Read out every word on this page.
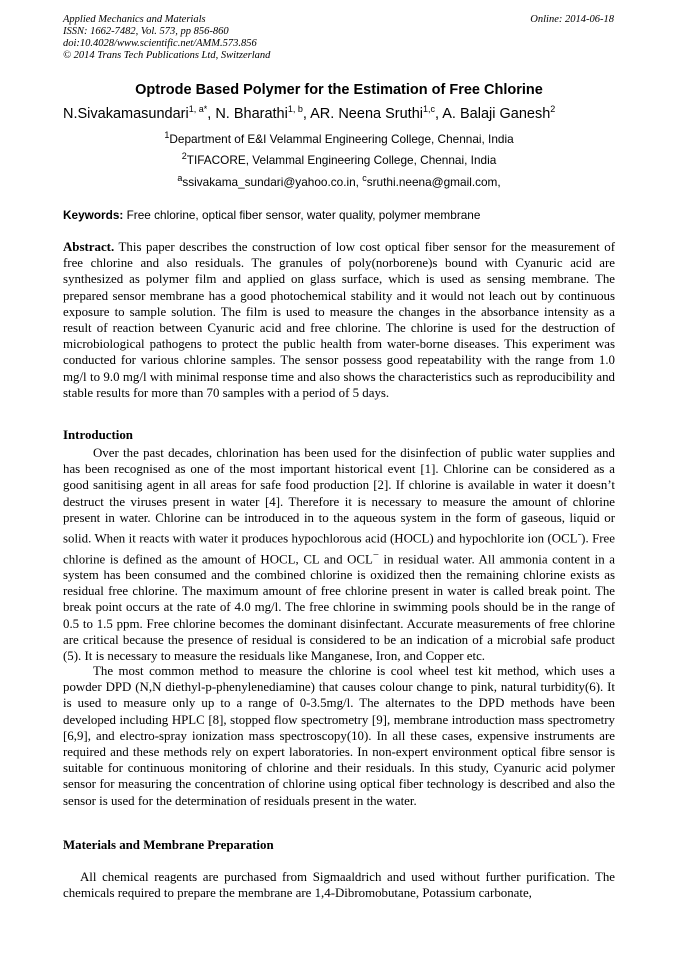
Applied Mechanics and Materials
ISSN: 1662-7482, Vol. 573, pp 856-860
doi:10.4028/www.scientific.net/AMM.573.856
© 2014 Trans Tech Publications Ltd, Switzerland
Online: 2014-06-18
Optrode Based Polymer for the Estimation of Free Chlorine
N.Sivakamasundari$^{1, a*}$, N. Bharathi$^{1, b}$, AR. Neena Sruthi$^{1,c}$, A. Balaji Ganesh$^2$
$^1$Department of E&I Velammal Engineering College, Chennai, India
$^2$TIFACORE, Velammal Engineering College, Chennai, India
$^a$ssivakama_sundari@yahoo.co.in, $^c$sruthi.neena@gmail.com,
Keywords: Free chlorine, optical fiber sensor, water quality, polymer membrane
Abstract. This paper describes the construction of low cost optical fiber sensor for the measurement of free chlorine and also residuals. The granules of poly(norborene)s bound with Cyanuric acid are synthesized as polymer film and applied on glass surface, which is used as sensing membrane. The prepared sensor membrane has a good photochemical stability and it would not leach out by continuous exposure to sample solution. The film is used to measure the changes in the absorbance intensity as a result of reaction between Cyanuric acid and free chlorine. The chlorine is used for the destruction of microbiological pathogens to protect the public health from water-borne diseases. This experiment was conducted for various chlorine samples. The sensor possess good repeatability with the range from 1.0 mg/l to 9.0 mg/l with minimal response time and also shows the characteristics such as reproducibility and stable results for more than 70 samples with a period of 5 days.
Introduction
Over the past decades, chlorination has been used for the disinfection of public water supplies and has been recognised as one of the most important historical event [1]. Chlorine can be considered as a good sanitising agent in all areas for safe food production [2]. If chlorine is available in water it doesn’t destruct the viruses present in water [4]. Therefore it is necessary to measure the amount of chlorine present in water. Chlorine can be introduced in to the aqueous system in the form of gaseous, liquid or solid. When it reacts with water it produces hypochlorous acid (HOCL) and hypochlorite ion (OCL-). Free chlorine is defined as the amount of HOCL, CL and OCL− in residual water. All ammonia content in a system has been consumed and the combined chlorine is oxidized then the remaining chlorine exists as residual free chlorine. The maximum amount of free chlorine present in water is called break point. The break point occurs at the rate of 4.0 mg/l. The free chlorine in swimming pools should be in the range of 0.5 to 1.5 ppm. Free chlorine becomes the dominant disinfectant. Accurate measurements of free chlorine are critical because the presence of residual is considered to be an indication of a microbial safe product (5). It is necessary to measure the residuals like Manganese, Iron, and Copper etc.
The most common method to measure the chlorine is cool wheel test kit method, which uses a powder DPD (N,N diethyl-p-phenylenediamine) that causes colour change to pink, natural turbidity(6). It is used to measure only up to a range of 0-3.5mg/l. The alternates to the DPD methods have been developed including HPLC [8], stopped flow spectrometry [9], membrane introduction mass spectrometry [6,9], and electro-spray ionization mass spectroscopy(10). In all these cases, expensive instruments are required and these methods rely on expert laboratories. In non-expert environment optical fibre sensor is suitable for continuous monitoring of chlorine and their residuals. In this study, Cyanuric acid polymer sensor for measuring the concentration of chlorine using optical fiber technology is described and also the sensor is used for the determination of residuals present in the water.
Materials and Membrane Preparation
All chemical reagents are purchased from Sigmaaldrich and used without further purification. The chemicals required to prepare the membrane are 1,4-Dibromobutane, Potassium carbonate,
